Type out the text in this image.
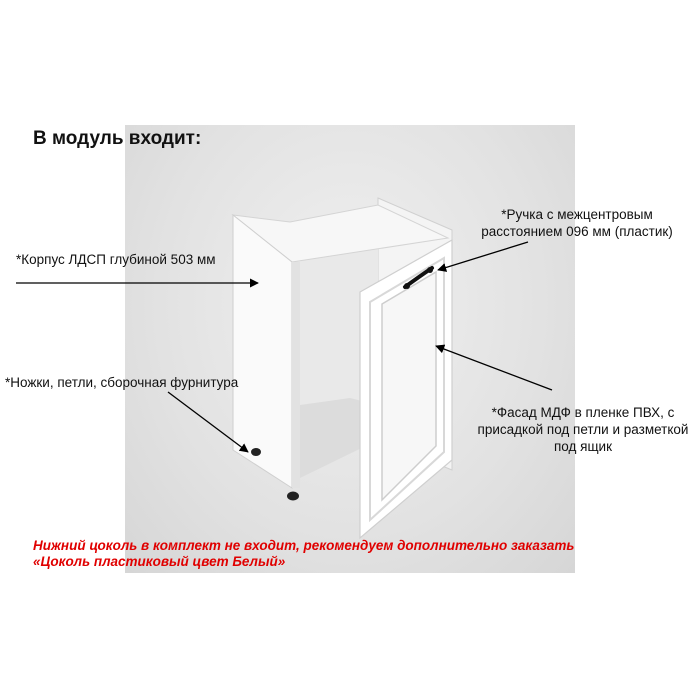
В модуль входит:
*Корпус ЛДСП глубиной 503 мм
*Ножки, петли, сборочная фурнитура
*Ручка с межцентровым
расстоянием 096 мм (пластик)
*Фасад МДФ в пленке ПВХ, с
присадкой под петли и разметкой
под ящик
Нижний цоколь в комплект не входит, рекомендуем дополнительно заказать
«Цоколь пластиковый цвет Белый»
